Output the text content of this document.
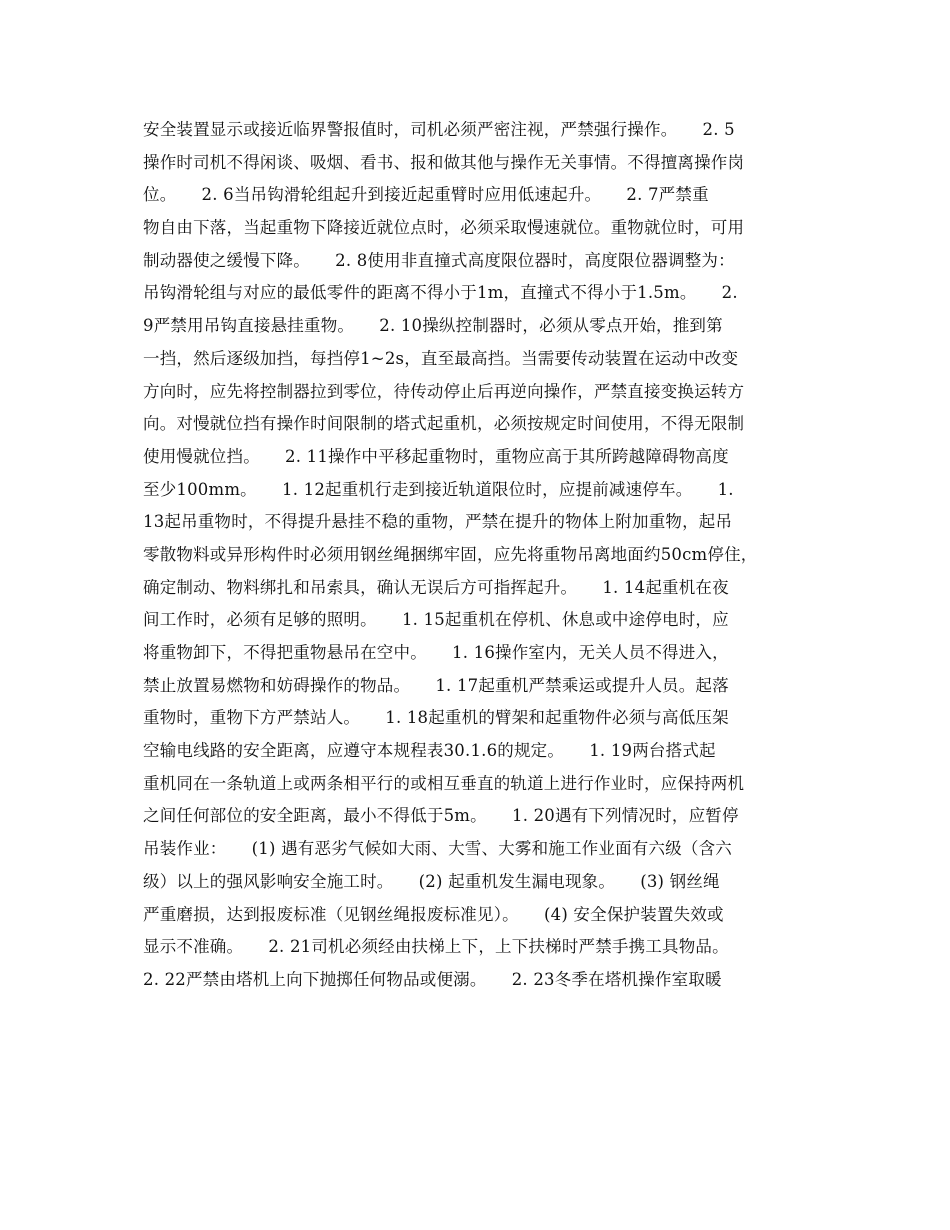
安全装置显示或接近临界警报值时，司机必须严密注视，严禁强行操作。　　2. 5
操作时司机不得闲谈、吸烟、看书、报和做其他与操作无关事情。不得擅离操作岗
位。　　2. 6当吊钩滑轮组起升到接近起重臂时应用低速起升。　　2. 7严禁重
物自由下落，当起重物下降接近就位点时，必须采取慢速就位。重物就位时，可用
制动器使之缓慢下降。　　2. 8使用非直撞式高度限位器时，高度限位器调整为：
吊钩滑轮组与对应的最低零件的距离不得小于1m，直撞式不得小于1.5m。　　2.
9严禁用吊钩直接悬挂重物。　　2. 10操纵控制器时，必须从零点开始，推到第
一挡，然后逐级加挡，每挡停1~2s，直至最高挡。当需要传动装置在运动中改变
方向时，应先将控制器拉到零位，待传动停止后再逆向操作，严禁直接变换运转方
向。对慢就位挡有操作时间限制的塔式起重机，必须按规定时间使用，不得无限制
使用慢就位挡。　　2. 11操作中平移起重物时，重物应高于其所跨越障碍物高度
至少100mm。　　1. 12起重机行走到接近轨道限位时，应提前减速停车。　　1.
13起吊重物时，不得提升悬挂不稳的重物，严禁在提升的物体上附加重物，起吊
零散物料或异形构件时必须用钢丝绳捆绑牢固，应先将重物吊离地面约50cm停住，
确定制动、物料绑扎和吊索具，确认无误后方可指挥起升。　　1. 14起重机在夜
间工作时，必须有足够的照明。　　1. 15起重机在停机、休息或中途停电时，应
将重物卸下，不得把重物悬吊在空中。　　1. 16操作室内，无关人员不得进入，
禁止放置易燃物和妨碍操作的物品。　　1. 17起重机严禁乘运或提升人员。起落
重物时，重物下方严禁站人。　　1. 18起重机的臂架和起重物件必须与高低压架
空输电线路的安全距离，应遵守本规程表30.1.6的规定。　　1. 19两台搭式起
重机同在一条轨道上或两条相平行的或相互垂直的轨道上进行作业时，应保持两机
之间任何部位的安全距离，最小不得低于5m。　　1. 20遇有下列情况时，应暂停
吊装作业：　　(1) 遇有恶劣气候如大雨、大雪、大雾和施工作业面有六级（含六
级）以上的强风影响安全施工时。　　(2) 起重机发生漏电现象。　　(3) 钢丝绳
严重磨损，达到报废标准（见钢丝绳报废标准见）。　　(4) 安全保护装置失效或
显示不准确。　　2. 21司机必须经由扶梯上下，上下扶梯时严禁手携工具物品。
2. 22严禁由塔机上向下抛掷任何物品或便溺。　　2. 23冬季在塔机操作室取暖
